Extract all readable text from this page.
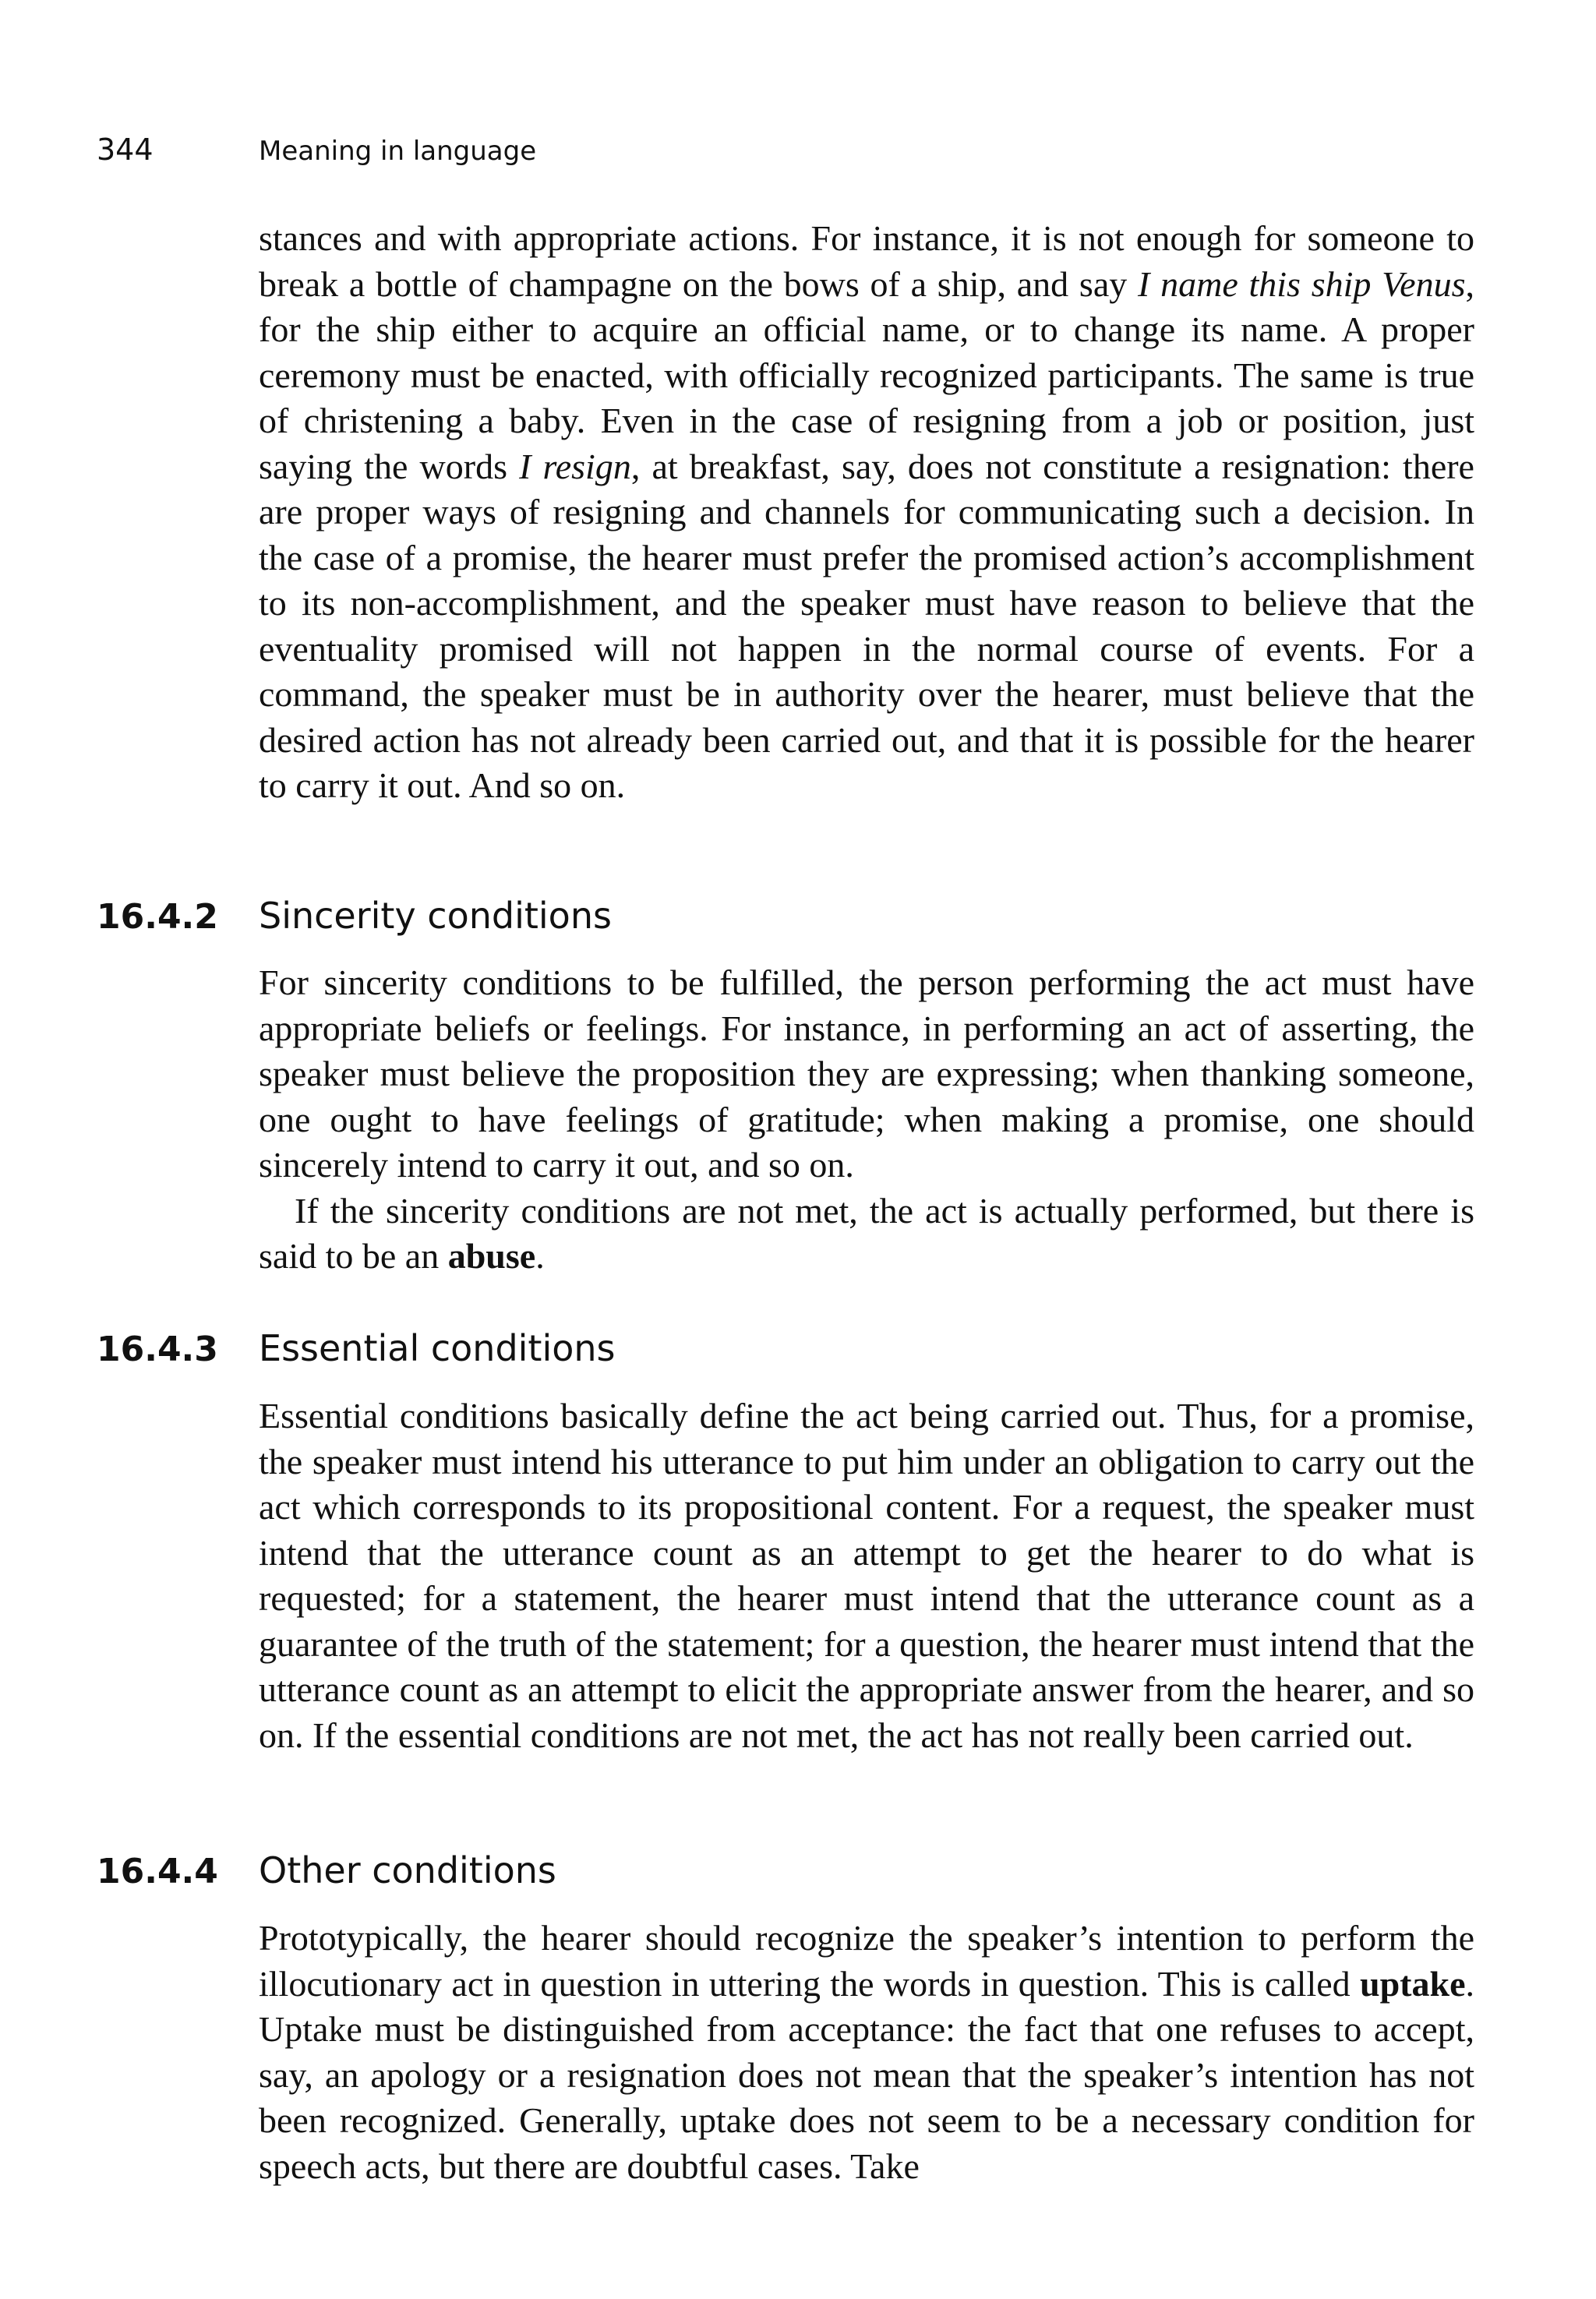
344	Meaning in language

stances and with appropriate actions. For instance, it is not enough for someone to break a bottle of champagne on the bows of a ship, and say I name this ship Venus, for the ship either to acquire an official name, or to change its name. A proper ceremony must be enacted, with officially recognized participants. The same is true of christening a baby. Even in the case of resigning from a job or position, just saying the words I resign, at breakfast, say, does not constitute a resignation: there are proper ways of resigning and channels for communicating such a decision. In the case of a promise, the hearer must prefer the promised action’s accomplishment to its non-accomplishment, and the speaker must have reason to believe that the eventuality promised will not happen in the normal course of events. For a command, the speaker must be in authority over the hearer, must believe that the desired action has not already been carried out, and that it is possible for the hearer to carry it out. And so on.

16.4.2	Sincerity conditions

For sincerity conditions to be fulfilled, the person performing the act must have appropriate beliefs or feelings. For instance, in performing an act of asserting, the speaker must believe the proposition they are expressing; when thanking someone, one ought to have feelings of gratitude; when making a promise, one should sincerely intend to carry it out, and so on.

If the sincerity conditions are not met, the act is actually performed, but there is said to be an abuse.

16.4.3	Essential conditions

Essential conditions basically define the act being carried out. Thus, for a promise, the speaker must intend his utterance to put him under an obligation to carry out the act which corresponds to its propositional content. For a request, the speaker must intend that the utterance count as an attempt to get the hearer to do what is requested; for a statement, the hearer must intend that the utterance count as a guarantee of the truth of the statement; for a question, the hearer must intend that the utterance count as an attempt to elicit the appropriate answer from the hearer, and so on. If the essential conditions are not met, the act has not really been carried out.

16.4.4	Other conditions

Prototypically, the hearer should recognize the speaker’s intention to perform the illocutionary act in question in uttering the words in question. This is called uptake. Uptake must be distinguished from acceptance: the fact that one refuses to accept, say, an apology or a resignation does not mean that the speaker’s intention has not been recognized. Generally, uptake does not seem to be a necessary condition for speech acts, but there are doubtful cases. Take
